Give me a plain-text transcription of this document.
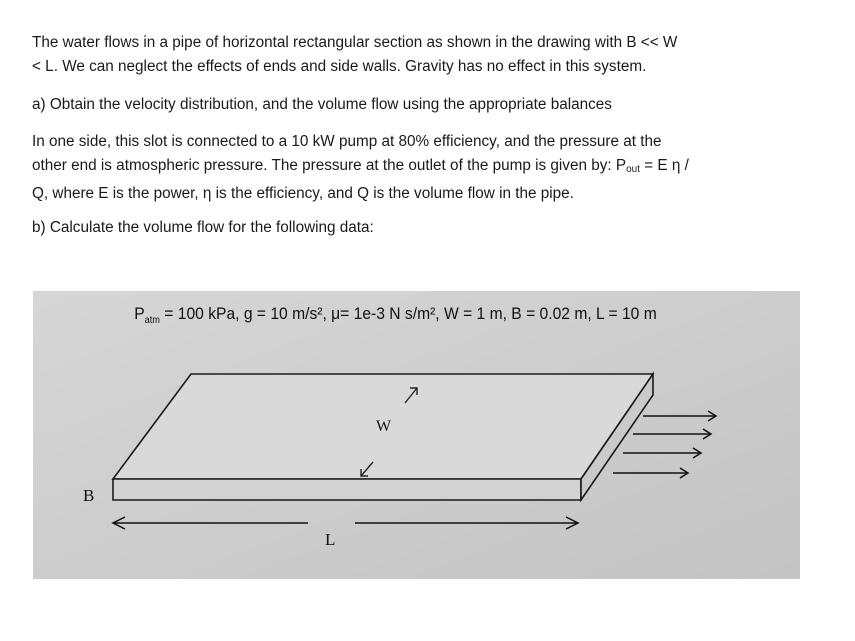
The water flows in a pipe of horizontal rectangular section as shown in the drawing with B << W

< L. We can neglect the effects of ends and side walls. Gravity has no effect in this system.

a) Obtain the velocity distribution, and the volume flow using the appropriate balances

In one side, this slot is connected to a 10 kW pump at 80% efficiency, and the pressure at the

other end is atmospheric pressure. The pressure at the outlet of the pump is given by: $P_{out} = E$ η /

Q, where E is the power, η is the efficiency, and Q is the volume flow in the pipe.

b) Calculate the volume flow for the following data:

$P_{atm} = 100$ kPa, g = 10 m/s², μ= 1e-3 N s/m², W = 1 m, B = 0.02 m, L = 10 m
W
B
L
